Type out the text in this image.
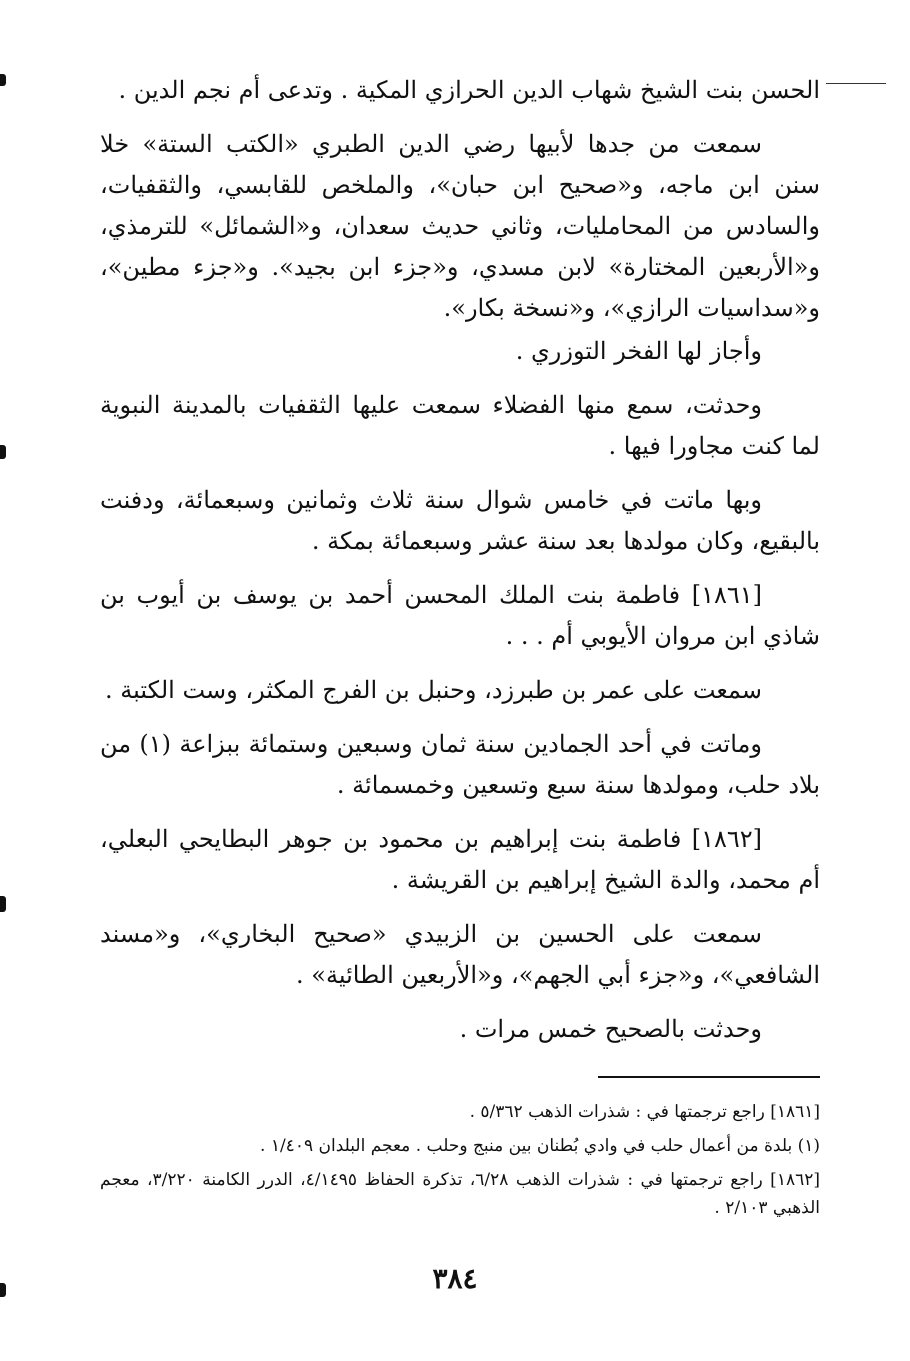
الحسن بنت الشيخ شهاب الدين الحرازي المكية . وتدعى أم نجم الدين .

سمعت من جدها لأبيها رضي الدين الطبري «الكتب الستة» خلا سنن ابن ماجه، و«صحيح ابن حبان»، والملخص للقابسي، والثقفيات، والسادس من المحامليات، وثاني حديث سعدان، و«الشمائل» للترمذي، و«الأربعين المختارة» لابن مسدي، و«جزء ابن بجيد». و«جزء مطين»، و«سداسيات الرازي»، و«نسخة بكار».

وأجاز لها الفخر التوزري .

وحدثت، سمع منها الفضلاء سمعت عليها الثقفيات بالمدينة النبوية لما كنت مجاورا فيها .

وبها ماتت في خامس شوال سنة ثلاث وثمانين وسبعمائة، ودفنت بالبقيع، وكان مولدها بعد سنة عشر وسبعمائة بمكة .

[١٨٦١] فاطمة بنت الملك المحسن أحمد بن يوسف بن أيوب بن شاذي ابن مروان الأيوبي أم . . .

سمعت على عمر بن طبرزد، وحنبل بن الفرج المكثر، وست الكتبة .

وماتت في أحد الجمادين سنة ثمان وسبعين وستمائة ببزاعة (١) من بلاد حلب، ومولدها سنة سبع وتسعين وخمسمائة .

[١٨٦٢] فاطمة بنت إبراهيم بن محمود بن جوهر البطايحي البعلي، أم محمد، والدة الشيخ إبراهيم بن القريشة .

سمعت على الحسين بن الزبيدي «صحيح البخاري»، و«مسند الشافعي»، و«جزء أبي الجهم»، و«الأربعين الطائية» .

وحدثت بالصحيح خمس مرات .

[١٨٦١] راجع ترجمتها في : شذرات الذهب ٥/٣٦٢ .

(١) بلدة من أعمال حلب في وادي بُطنان بين منبج وحلب . معجم البلدان ١/٤٠٩ .

[١٨٦٢] راجع ترجمتها في : شذرات الذهب ٦/٢٨، تذكرة الحفاظ ٤/١٤٩٥، الدرر الكامنة ٣/٢٢٠، معجم الذهبي ٢/١٠٣ .

٣٨٤
